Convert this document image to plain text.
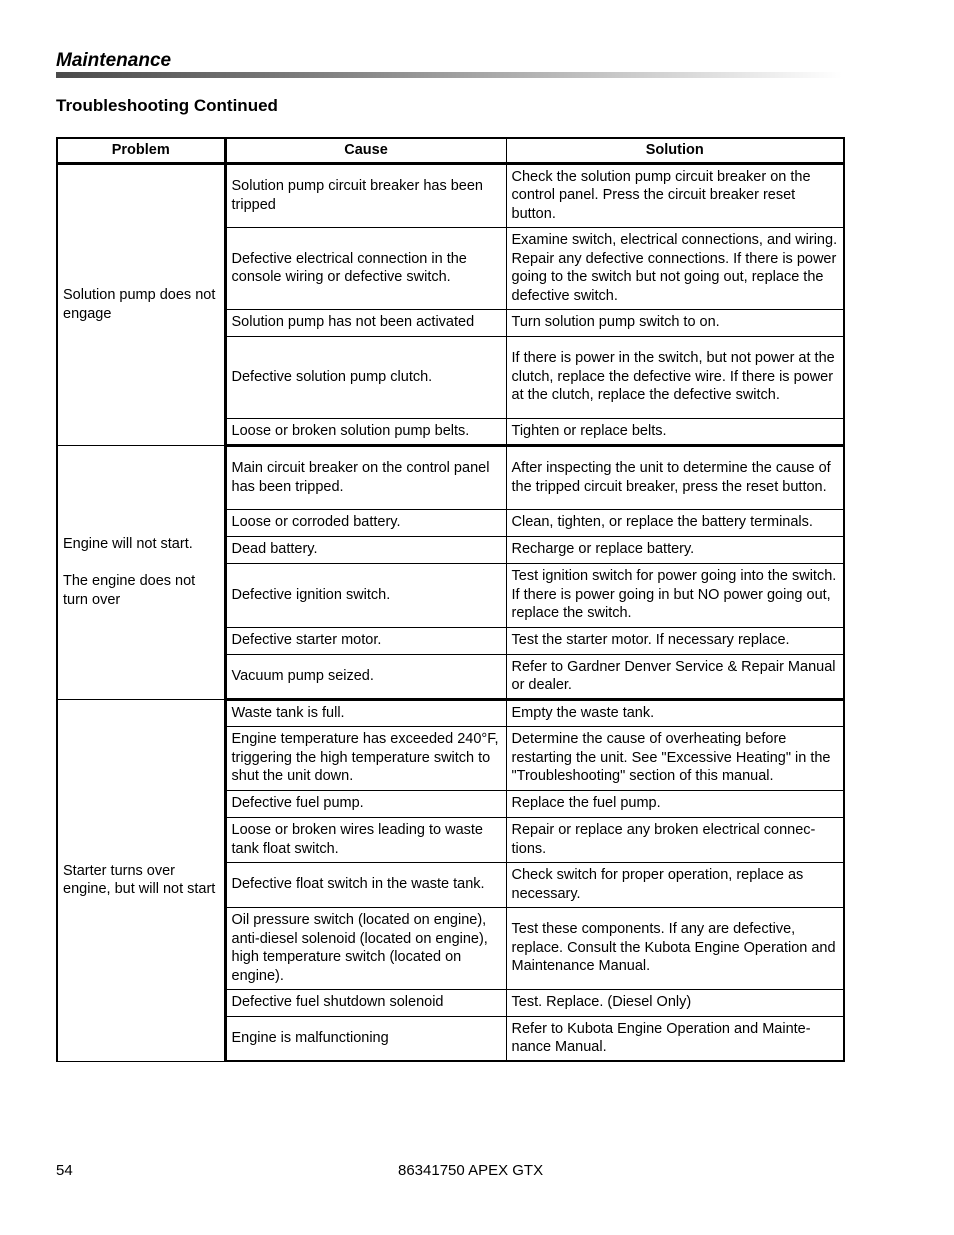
Maintenance
Troubleshooting Continued
Problem	Cause	Solution

Solution pump does not engage	Solution pump circuit breaker has been tripped	Check the solution pump circuit breaker on the control panel. Press the circuit breaker reset button.
	Defective electrical connection in the console wiring or defective switch.	Examine switch, electrical connections, and wiring. Repair any defective connections. If there is power going to the switch but not going out, replace the defective switch.
	Solution pump has not been activated	Turn solution pump switch to on.
	Defective solution pump clutch.	If there is power in the switch, but not power at the clutch, replace the defective wire. If there is power at the clutch, replace the defective switch.
	Loose or broken solution pump belts.	Tighten or replace belts.

Engine will not start.

The engine does not turn over	Main circuit breaker on the control panel has been tripped.	After inspecting the unit to determine the cause of the tripped circuit breaker, press the reset button.
	Loose or corroded battery.	Clean, tighten, or replace the battery terminals.
	Dead battery.	Recharge or replace battery.
	Defective ignition switch.	Test ignition switch for power going into the switch. If there is power going in but NO power going out, replace the switch.
	Defective starter motor.	Test the starter motor. If necessary replace.
	Vacuum pump seized.	Refer to Gardner Denver Service & Repair Manual or dealer.

Starter turns over engine, but will not start	Waste tank is full.	Empty the waste tank.
	Engine temperature has exceeded 240°F, triggering the high temperature switch to shut the unit down.	Determine the cause of overheating before restarting the unit. See "Excessive Heating" in the "Troubleshooting" section of this manual.
	Defective fuel pump.	Replace the fuel pump.
	Loose or broken wires leading to waste tank float switch.	Repair or replace any broken electrical connec-tions.
	Defective float switch in the waste tank.	Check switch for proper operation, replace as necessary.
	Oil pressure switch (located on engine), anti-diesel solenoid (located on engine), high temperature switch (located on engine).	Test these components. If any are defective, replace. Consult the Kubota Engine Operation and Maintenance Manual.
	Defective fuel shutdown solenoid	Test. Replace. (Diesel Only)
	Engine is malfunctioning	Refer to Kubota Engine Operation and Mainte-nance Manual.
54	86341750 APEX GTX
